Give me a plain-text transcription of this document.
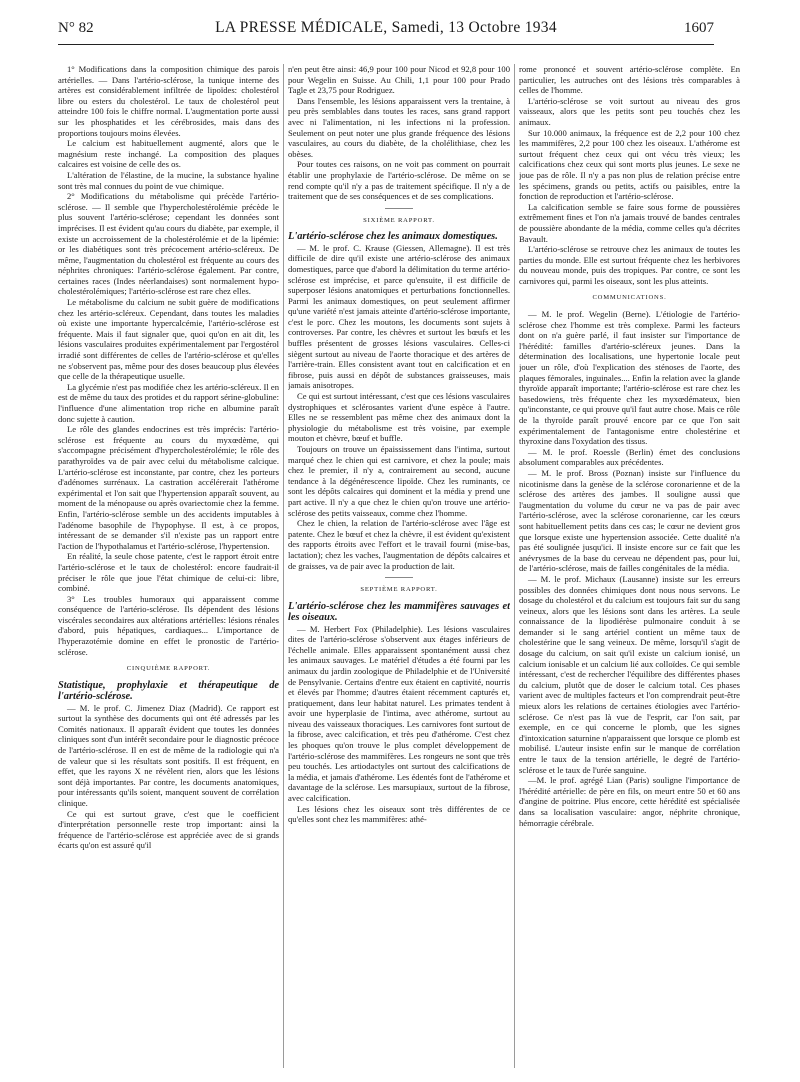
N° 82	LA PRESSE MÉDICALE, Samedi, 13 Octobre 1934	1607

1° Modifications dans la composition chimique des parois artérielles. — Dans l'artério-sclérose, la tunique interne des artères est considérablement infiltrée de lipoïdes: cholestérol libre ou esters du cholestérol. Le taux de cholestérol peut atteindre 100 fois le chiffre normal. L'augmentation porte aussi sur les phosphatides et les cérébrosides, mais dans des proportions toujours moins élevées.

Le calcium est habituellement augmenté, alors que le magnésium reste inchangé. La composition des plaques calcaires est voisine de celle des os.

L'altération de l'élastine, de la mucine, la substance hyaline sont très mal connues du point de vue chimique.

2° Modifications du métabolisme qui précède l'artério-sclérose. — Il semble que l'hypercholestérolémie précède le plus souvent l'artério-sclérose; cependant les données sont imprécises. Il est évident qu'au cours du diabète, par exemple, il existe un accroissement de la cholestérolémie et de la lipémie: or les diabétiques sont très précocement artério-scléreux. De même, l'augmentation du cholestérol est fréquente au cours des néphrites chroniques: l'artério-sclérose également. Par contre, certaines races (Indes néerlandaises) sont normalement hypo-cholestérolémiques; l'artério-sclérose est rare chez elles.

Le métabolisme du calcium ne subit guère de modifications chez les artério-scléreux. Cependant, dans toutes les maladies où existe une importante hypercalcémie, l'artério-sclérose est fréquente. Mais il faut signaler que, quoi qu'on en ait dit, les lésions vasculaires produites expérimentalement par l'ergostérol irradié sont différentes de celles de l'artério-sclérose et qu'elles ne s'observent pas, même pour des doses beaucoup plus élevées que celle de la thérapeutique usuelle.

La glycémie n'est pas modifiée chez les artério-scléreux. Il en est de même du taux des protides et du rapport sérine-globuline: l'influence d'une alimentation trop riche en albumine paraît donc sujette à caution.

Le rôle des glandes endocrines est très imprécis: l'artério-sclérose est fréquente au cours du myxœdème, qui s'accompagne précisément d'hypercholestérolémie; le rôle des parathyroïdes va de pair avec celui du métabolisme calcique. L'artério-sclérose est inconstante, par contre, chez les porteurs d'adénomes surrénaux. La castration accélérerait l'athérome expérimental et l'on sait que l'hypertension apparaît souvent, au moment de la ménopause ou après ovariectomie chez la femme. Enfin, l'artério-sclérose semble un des accidents imputables à l'adénome basophile de l'hypophyse. Il est, à ce propos, intéressant de se demander s'il n'existe pas un rapport entre l'action de l'hypothalamus et l'artério-sclérose, l'hypertension.

En réalité, la seule chose patente, c'est le rapport étroit entre l'artério-sclérose et le taux de cholestérol: encore faudrait-il préciser le rôle que joue l'état chimique de celui-ci: libre, combiné.

3° Les troubles humoraux qui apparaissent comme conséquence de l'artério-sclérose. Ils dépendent des lésions viscérales secondaires aux altérations artérielles: lésions rénales d'abord, puis hépatiques, cardiaques... L'importance de l'hyperazotémie domine en effet le pronostic de l'artério-sclérose.

CINQUIÈME RAPPORT.

Statistique, prophylaxie et thérapeutique de l'artério-sclérose.

— M. le prof. C. Jimenez Diaz (Madrid). Ce rapport est surtout la synthèse des documents qui ont été adressés par les Comités nationaux. Il apparaît évident que toutes les données cliniques sont d'un intérêt secondaire pour le diagnostic précoce de l'artério-sclérose. Il en est de même de la radiologie qui n'a de valeur que si les résultats sont positifs. Il est fréquent, en effet, que les rayons X ne révèlent rien, alors que les lésions sont déjà importantes. Par contre, les documents anatomiques, pour intéressants qu'ils soient, manquent souvent de corrélation clinique.

Ce qui est surtout grave, c'est que le coefficient d'interprétation personnelle reste trop important: ainsi la fréquence de l'artério-sclérose est appréciée avec de si grands écarts qu'on est assuré qu'il

n'en peut être ainsi: 46,9 pour 100 pour Nicod et 92,8 pour 100 pour Wegelin en Suisse. Au Chili, 1,1 pour 100 pour Prado Tagle et 23,75 pour Rodriguez.

Dans l'ensemble, les lésions apparaissent vers la trentaine, à peu près semblables dans toutes les races, sans grand rapport avec ni l'alimentation, ni les infections ni la profession. Seulement on peut noter une plus grande fréquence des lésions vasculaires, au cours du diabète, de la cholélithiase, chez les obèses.

Pour toutes ces raisons, on ne voit pas comment on pourrait établir une prophylaxie de l'artério-sclérose. De même on se rend compte qu'il n'y a pas de traitement spécifique. Il n'y a de traitement que de ses conséquences et de ses complications.

SIXIÈME RAPPORT.

L'artério-sclérose chez les animaux domestiques.

— M. le prof. C. Krause (Giessen, Allemagne). Il est très difficile de dire qu'il existe une artério-sclérose des animaux domestiques, parce que d'abord la délimitation du terme artério-sclérose est imprécise, et parce qu'ensuite, il est difficile de superposer lésions anatomiques et perturbations fonctionnelles. Parmi les animaux domestiques, on peut seulement affirmer qu'une variété n'est jamais atteinte d'artério-sclérose importante, c'est le porc. Chez les moutons, les documents sont sujets à controverses. Par contre, les chèvres et surtout les bœufs et les buffles présentent de grosses lésions vasculaires. Celles-ci siègent surtout au niveau de l'aorte thoracique et des artères de l'arrière-train. Elles consistent avant tout en calcification et en fibrose, puis aussi en dépôt de substances graisseuses, mais jamais anisotropes.

Ce qui est surtout intéressant, c'est que ces lésions vasculaires dystrophiques et sclérosantes varient d'une espèce à l'autre. Elles ne se ressemblent pas même chez des animaux dont la physiologie du métabolisme est très voisine, par exemple mouton et chèvre, bœuf et buffle.

Toujours on trouve un épaississement dans l'intima, surtout marqué chez le chien qui est carnivore, et chez la poule; mais chez le premier, il n'y a, contrairement au second, aucune tendance à la dégénérescence lipoïde. Chez les ruminants, ce sont les dépôts calcaires qui dominent et la média y prend une part active. Il n'y a que chez le chien qu'on trouve une artério-sclérose des petits vaisseaux, comme chez l'homme.

Chez le chien, la relation de l'artério-sclérose avec l'âge est patente. Chez le bœuf et chez la chèvre, il est évident qu'existent des rapports étroits avec l'effort et le travail fourni (mise-bas, lactation); chez les vaches, l'augmentation de dépôts calcaires et de graisses, va de pair avec la production de lait.

SEPTIÈME RAPPORT.

L'artério-sclérose chez les mammifères sauvages et les oiseaux.

— M. Herbert Fox (Philadelphie). Les lésions vasculaires dites de l'artério-sclérose s'observent aux étages inférieurs de l'échelle animale. Elles apparaissent spontanément aussi chez les animaux sauvages. Le matériel d'études a été fourni par les animaux du jardin zoologique de Philadelphie et de l'Université de Pensylvanie. Certains d'entre eux étaient en captivité, nourris et élevés par l'homme; d'autres étaient récemment capturés et, pratiquement, dans leur habitat naturel. Les primates tendent à avoir une hyperplasie de l'intima, avec athérome, surtout au niveau des vaisseaux thoraciques. Les carnivores font surtout de la fibrose, avec calcification, et très peu d'athérome. C'est chez les phoques qu'on trouve le plus complet développement de l'artério-sclérose des mammifères. Les rongeurs ne sont que très peu touchés. Les artiodactyles ont surtout des calcifications de la média, et jamais d'athérome. Les édentés font de l'athérome et davantage de la sclérose. Les marsupiaux, surtout de la fibrose, avec calcification.

Les lésions chez les oiseaux sont très différentes de ce qu'elles sont chez les mammifères: athé-

rome prononcé et souvent artério-sclérose complète. En particulier, les autruches ont des lésions très comparables à celles de l'homme.

L'artério-sclérose se voit surtout au niveau des gros vaisseaux, alors que les petits sont peu touchés chez les animaux.

Sur 10.000 animaux, la fréquence est de 2,2 pour 100 chez les mammifères, 2,2 pour 100 chez les oiseaux. L'athérome est surtout fréquent chez ceux qui ont vécu très vieux; les calcifications chez ceux qui sont morts plus jeunes. Le sexe ne joue pas de rôle. Il n'y a pas non plus de relation précise entre les spécimens, grands ou petits, actifs ou paisibles, entre la fonction de reproduction et l'artério-sclérose.

La calcification semble se faire sous forme de poussières extrêmement fines et l'on n'a jamais trouvé de bandes centrales de poussière abondante de la média, comme celles qu'a décrites Bavault.

L'artério-sclérose se retrouve chez les animaux de toutes les parties du monde. Elle est surtout fréquente chez les herbivores du nouveau monde, puis des tropiques. Par contre, ce sont les carnivores qui, parmi les oiseaux, sont les plus atteints.

COMMUNICATIONS.

— M. le prof. Wegelin (Berne). L'étiologie de l'artério-sclérose chez l'homme est très complexe. Parmi les facteurs dont on n'a guère parlé, il faut insister sur l'importance de l'hérédité: familles d'artério-scléreux jeunes. Dans la détermination des localisations, une hypertonie locale peut jouer un rôle, d'où l'explication des sténoses de l'aorte, des plaques fémorales, inguinales.... Enfin la relation avec la glande thyroïde apparaît importante; l'artério-sclérose est rare chez les basedowiens, très fréquente chez les myxœdémateux, bien qu'inconstante, ce qui prouve qu'il faut autre chose. Mais ce rôle de la thyroïde paraît prouvé encore par ce que l'on sait expérimentalement de l'antagonisme entre cholestérine et thyroxine dans l'oxydation des tissus.

— M. le prof. Roessle (Berlin) émet des conclusions absolument comparables aux précédentes.

— M. le prof. Bross (Poznan) insiste sur l'influence du nicotinisme dans la genèse de la sclérose coronarienne et de la sclérose des artères des jambes. Il souligne aussi que l'augmentation du volume du cœur ne va pas de pair avec l'artério-sclérose, avec la sclérose coronarienne, car les cœurs sont habituellement petits dans ces cas; le cœur ne devient gros que lorsque existe une hypertension associée. Cette dualité n'a pas été soulignée jusqu'ici. Il insiste encore sur ce fait que les anévrysmes de la base du cerveau ne dépendent pas, pour lui, de l'artério-sclérose, mais de failles congénitales de la média.

— M. le prof. Michaux (Lausanne) insiste sur les erreurs possibles des données chimiques dont nous nous servons. Le dosage du cholestérol et du calcium est toujours fait sur du sang veineux, alors que les lésions sont dans les artères. La seule connaissance de la lipodiérèse pulmonaire conduit à se demander si le sang artériel contient un même taux de cholestérine que le sang veineux. De même, lorsqu'il s'agit de dosage du calcium, on sait qu'il existe un calcium ionisé, un calcium ionisable et un calcium lié aux colloïdes. Ce qui semble intéressant, c'est de rechercher l'équilibre des différentes phases du calcium, plutôt que de doser le calcium total. Ces phases varient avec de multiples facteurs et l'on comprendrait peut-être mieux alors les relations de certaines étiologies avec l'artério-sclérose. Ce n'est pas là vue de l'esprit, car l'on sait, par exemple, en ce qui concerne le plomb, que les signes d'intoxication saturnine n'apparaissent que lorsque ce plomb est mobilisé. L'auteur insiste enfin sur le manque de corrélation entre le taux de la tension artérielle, le degré de l'artério-sclérose et le taux de l'urée sanguine.

—M. le prof. agrégé Lian (Paris) souligne l'importance de l'hérédité artérielle: de père en fils, on meurt entre 50 et 60 ans d'angine de poitrine. Plus encore, cette hérédité est spécialisée dans sa localisation vasculaire: angor, néphrite chronique, hémorragie cérébrale.
